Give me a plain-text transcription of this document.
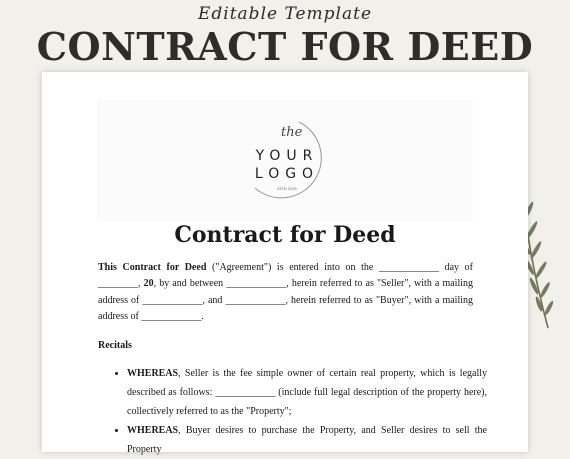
Editable Template
CONTRACT FOR DEED
the
YOUR
LOGO
ESTD 2019
Contract for Deed
This Contract for Deed ("Agreement") is entered into on the ____________ day of ________, 20, by and between ____________, herein referred to as "Seller", with a mailing address of ____________, and ____________, herein referred to as "Buyer", with a mailing address of ____________.
Recitals
• WHEREAS, Seller is the fee simple owner of certain real property, which is legally described as follows: ____________ (include full legal description of the property here), collectively referred to as the "Property";
• WHEREAS, Buyer desires to purchase the Property, and Seller desires to sell the Property
